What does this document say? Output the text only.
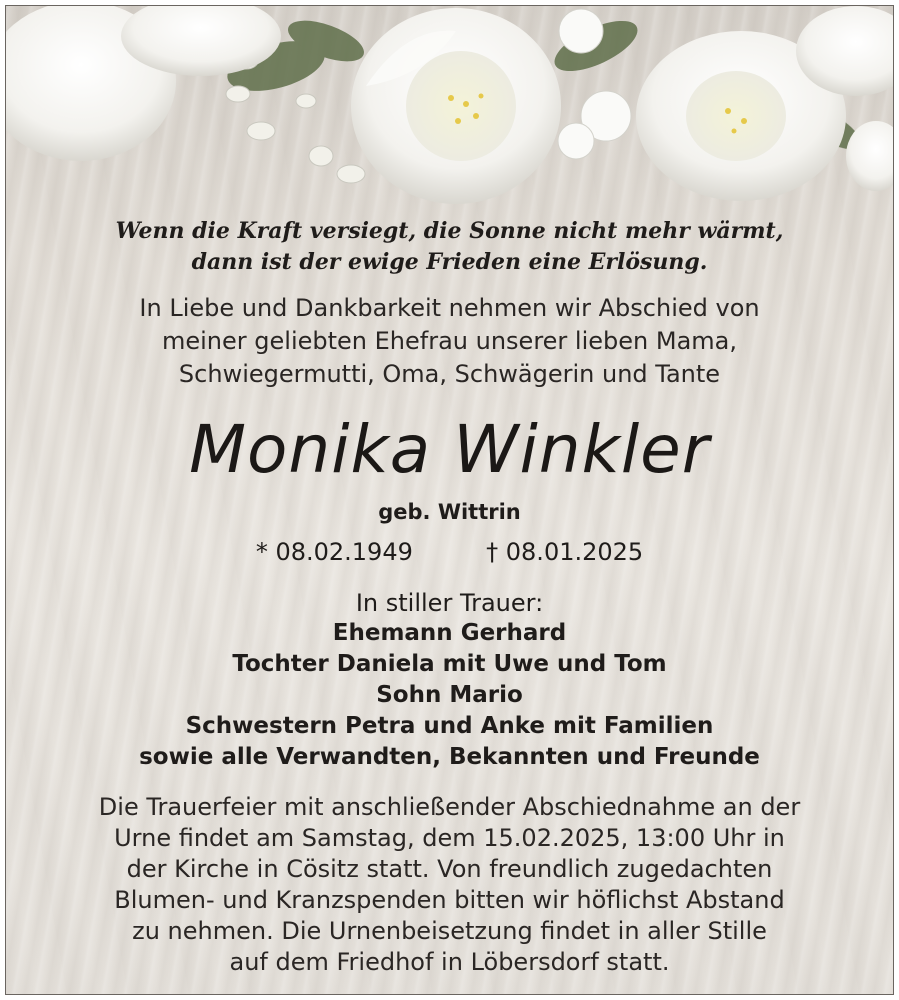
Wenn die Kraft versiegt, die Sonne nicht mehr wärmt,
dann ist der ewige Frieden eine Erlösung.
In Liebe und Dankbarkeit nehmen wir Abschied von
meiner geliebten Ehefrau unserer lieben Mama,
Schwiegermutti, Oma, Schwägerin und Tante
Monika Winkler
geb. Wittrin
* 08.02.1949	† 08.01.2025
In stiller Trauer:
Ehemann Gerhard
Tochter Daniela mit Uwe und Tom
Sohn Mario
Schwestern Petra und Anke mit Familien
sowie alle Verwandten, Bekannten und Freunde
Die Trauerfeier mit anschließender Abschiednahme an der
Urne findet am Samstag, dem 15.02.2025, 13:00 Uhr in
der Kirche in Cösitz statt. Von freundlich zugedachten
Blumen- und Kranzspenden bitten wir höflichst Abstand
zu nehmen. Die Urnenbeisetzung findet in aller Stille
auf dem Friedhof in Löbersdorf statt.
